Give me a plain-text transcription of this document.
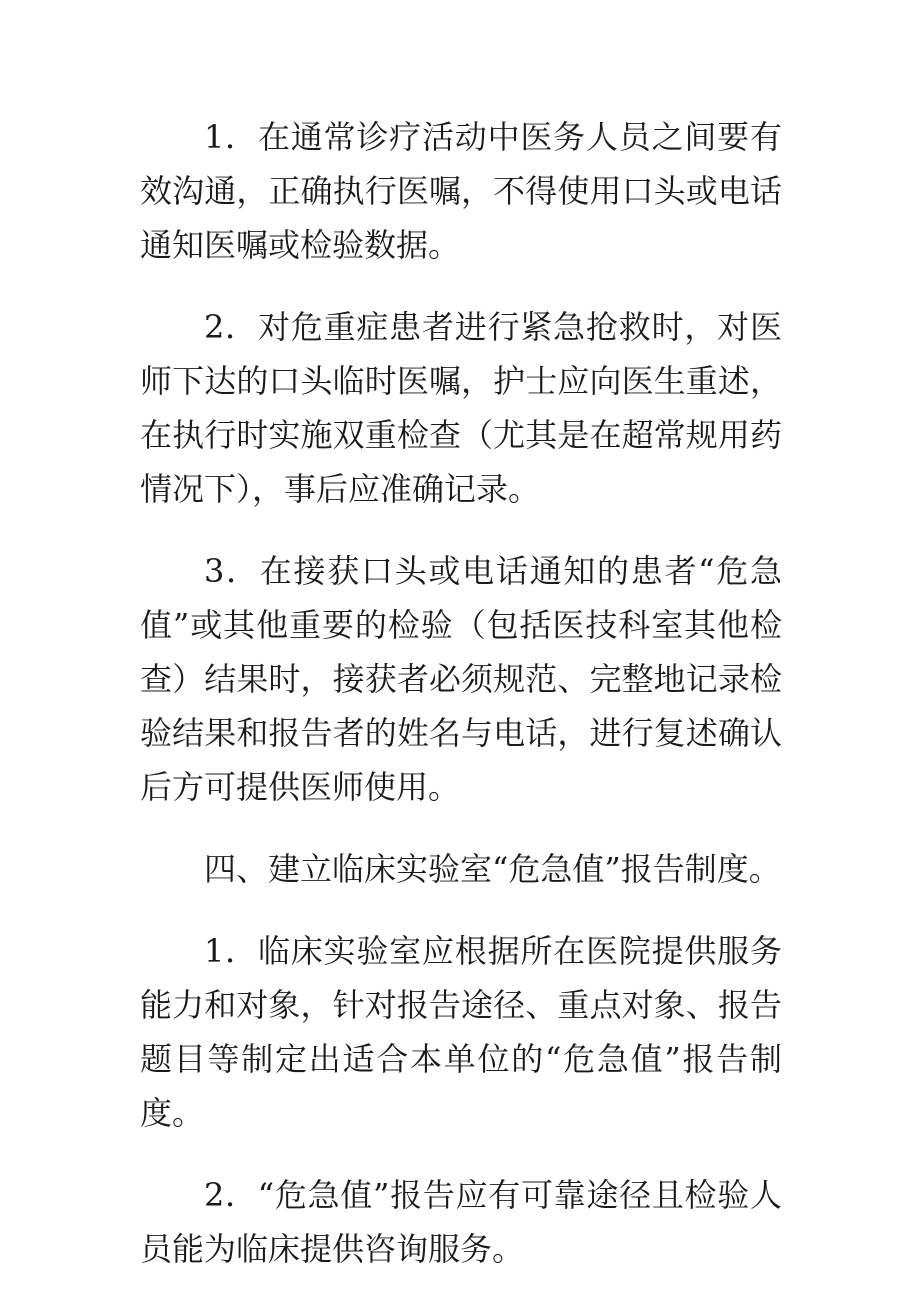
1．在通常诊疗活动中医务人员之间要有效沟通，正确执行医嘱，不得使用口头或电话通知医嘱或检验数据。

2．对危重症患者进行紧急抢救时，对医师下达的口头临时医嘱，护士应向医生重述，在执行时实施双重检查（尤其是在超常规用药情况下），事后应准确记录。

3．在接获口头或电话通知的患者“危急值”或其他重要的检验（包括医技科室其他检查）结果时，接获者必须规范、完整地记录检验结果和报告者的姓名与电话，进行复述确认后方可提供医师使用。

四、建立临床实验室“危急值”报告制度。

1．临床实验室应根据所在医院提供服务能力和对象，针对报告途径、重点对象、报告题目等制定出适合本单位的“危急值”报告制度。

2．“危急值”报告应有可靠途径且检验人员能为临床提供咨询服务。
